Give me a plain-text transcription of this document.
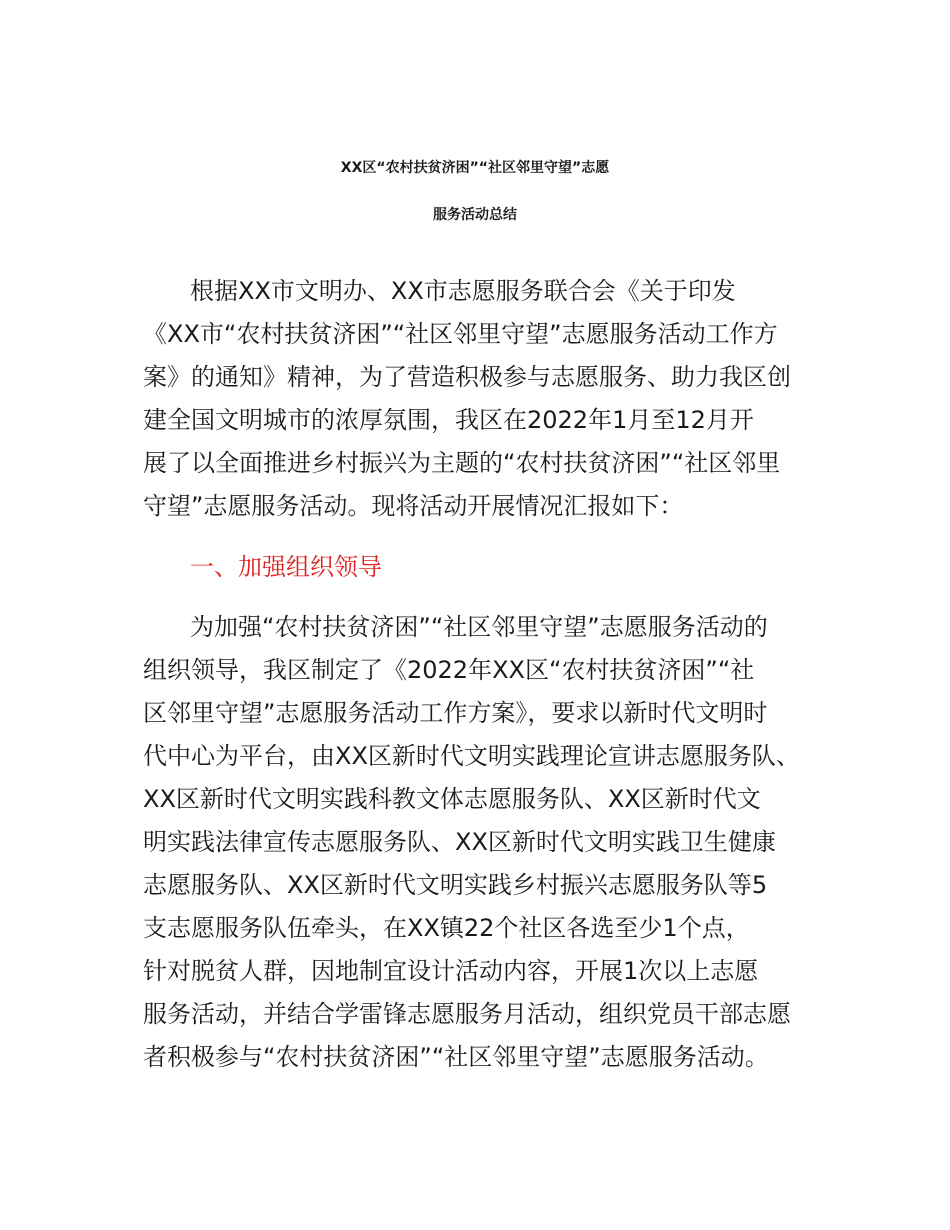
XX区“农村扶贫济困”“社区邻里守望”志愿
服务活动总结
根据XX市文明办、XX市志愿服务联合会《关于印发
《XX市“农村扶贫济困”“社区邻里守望”志愿服务活动工作方
案》的通知》精神，为了营造积极参与志愿服务、助力我区创
建全国文明城市的浓厚氛围，我区在2022年1月至12月开
展了以全面推进乡村振兴为主题的“农村扶贫济困”“社区邻里
守望”志愿服务活动。现将活动开展情况汇报如下：
一、加强组织领导
为加强“农村扶贫济困”“社区邻里守望”志愿服务活动的
组织领导，我区制定了《2022年XX区“农村扶贫济困”“社
区邻里守望”志愿服务活动工作方案》，要求以新时代文明时
代中心为平台，由XX区新时代文明实践理论宣讲志愿服务队、
XX区新时代文明实践科教文体志愿服务队、XX区新时代文
明实践法律宣传志愿服务队、XX区新时代文明实践卫生健康
志愿服务队、XX区新时代文明实践乡村振兴志愿服务队等5
支志愿服务队伍牵头，在XX镇22个社区各选至少1个点，
针对脱贫人群，因地制宜设计活动内容，开展1次以上志愿
服务活动，并结合学雷锋志愿服务月活动，组织党员干部志愿
者积极参与“农村扶贫济困”“社区邻里守望”志愿服务活动。
